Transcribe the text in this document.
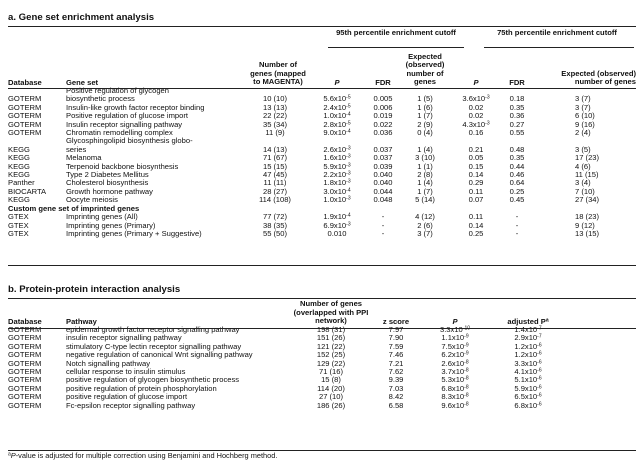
a. Gene set enrichment analysis
95th percentile enrichment cutoff	75th percentile enrichment cutoff
Database	Gene set	Number of genes (mapped to MAGENTA)		P	FDR	Expected (observed) number of genes	P	FDR	Expected (observed) number of genes	
GOTERM	Positive regulation of glycogen
biosynthetic process	10 (10)		$5.6x10^{-5}$	0.005	1 (5)	$3.6x10^{-3}$	0.18		3 (7)
GOTERM	Insulin-like growth factor receptor binding	13 (13)		$2.4x10^{-5}$	0.006	1 (6)	0.02	0.35		3 (7)
GOTERM	Positive regulation of glucose import	22 (22)		$1.0x10^{-4}$	0.019	1 (7)	0.02	0.36		6 (10)
GOTERM	Insulin receptor signalling pathway	35 (34)		$2.8x10^{-5}$	0.022	2 (9)	$4.3x10^{-3}$	0.27		9 (16)
GOTERM	Chromatin remodelling complex	11 (9)		$9.0x10^{-4}$	0.036	0 (4)	0.16	0.55		2 (4)
KEGG	Glycosphingolipid biosynthesis globo-
series	14 (13)		$2.6x10^{-3}$	0.037	1 (4)	0.21	0.48		3 (5)
KEGG	Melanoma	71 (67)		$1.6x10^{-3}$	0.037	3 (10)	0.05	0.35		17 (23)
KEGG	Terpenoid backbone biosynthesis	15 (15)		$5.9x10^{-3}$	0.039	1 (1)	0.15	0.44		4 (6)
KEGG	Type 2 Diabetes Mellitus	47 (45)		$2.2x10^{-3}$	0.040	2 (8)	0.14	0.46		11 (15)
Panther	Cholesterol biosynthesis	11 (11)		$1.8x10^{-3}$	0.040	1 (4)	0.29	0.64		3 (4)
BIOCARTA	Growth hormone pathway	28 (27)		$3.0x10^{-4}$	0.044	1 (7)	0.11	0.25		7 (10)
KEGG	Oocyte meiosis	114 (108)		$1.0x10^{-3}$	0.048	5 (14)	0.07	0.45		27 (34)
Custom gene set of imprinted genes										
GTEX	Imprinting genes (All)	77 (72)		$1.9x10^{-4}$	-	4 (12)	0.11	-		18 (23)
GTEX	Imprinting genes (Primary)	38 (35)		$6.9x10^{-3}$	-	2 (6)	0.14	-		9 (12)
GTEX	Imprinting genes (Primary + Suggestive)	55 (50)		0.010	-	3 (7)	0.25	-		13 (15)
b. Protein-protein interaction analysis
Database	Pathway	Number of genes (overlapped with PPI network)	z score	P	adjusted $P^a$
GOTERM	epidermal growth factor receptor signalling pathway	198 (31)	7.97	$3.3x10^{-10}$	$1.4x10^{-7}$
GOTERM	insulin receptor signalling pathway	151 (26)	7.90	$1.1x10^{-9}$	$2.9x10^{-7}$
GOTERM	stimulatory C-type lectin receptor signalling pathway	121 (22)	7.59	$7.5x10^{-9}$	$1.2x10^{-6}$
GOTERM	negative regulation of canonical Wnt signalling pathway	152 (25)	7.46	$6.2x10^{-9}$	$1.2x10^{-6}$
GOTERM	Notch signalling pathway	129 (22)	7.21	$2.6x10^{-8}$	$3.3x10^{-6}$
GOTERM	cellular response to insulin stimulus	71 (16)	7.62	$3.7x10^{-8}$	$4.1x10^{-6}$
GOTERM	positive regulation of glycogen biosynthetic process	15 (8)	9.39	$5.3x10^{-8}$	$5.1x10^{-6}$
GOTERM	positive regulation of protein phosphorylation	114 (20)	7.03	$6.8x10^{-8}$	$5.9x10^{-6}$
GOTERM	positive regulation of glucose import	27 (10)	8.42	$8.3x10^{-8}$	$6.5x10^{-6}$
GOTERM	Fc-epsilon receptor signalling pathway	186 (26)	6.58	$9.6x10^{-8}$	$6.8x10^{-6}$
$^a$P-value is adjusted for multiple correction using Benjamini and Hochberg method.
